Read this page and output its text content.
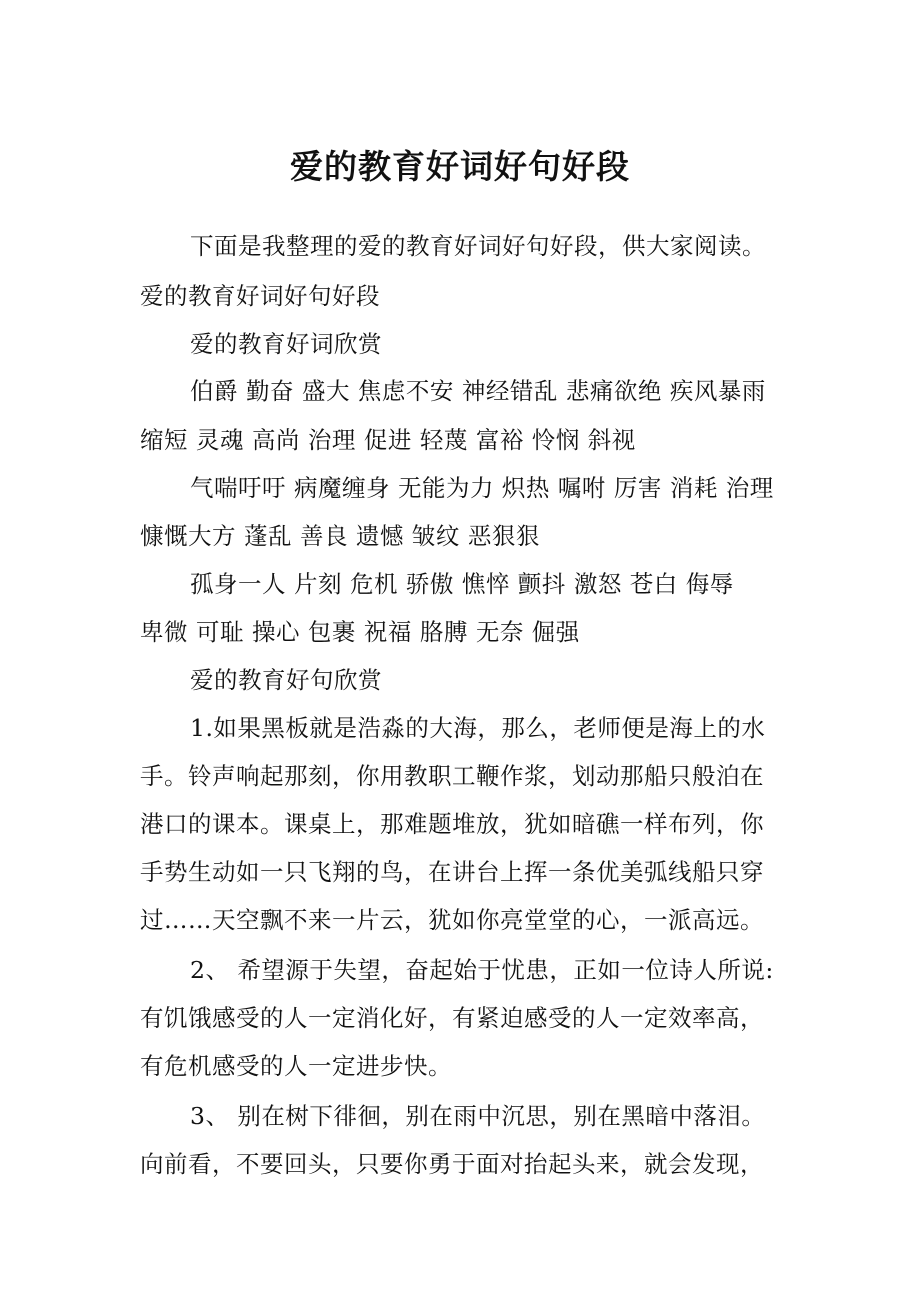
爱的教育好词好句好段
下面是我整理的爱的教育好词好句好段，供大家阅读。
爱的教育好词好句好段
爱的教育好词欣赏
伯爵 勤奋 盛大 焦虑不安 神经错乱 悲痛欲绝 疾风暴雨
缩短 灵魂 高尚 治理 促进 轻蔑 富裕 怜悯 斜视
气喘吁吁 病魔缠身 无能为力 炽热 嘱咐 厉害 消耗 治理
慷慨大方 蓬乱 善良 遗憾 皱纹 恶狠狠
孤身一人 片刻 危机 骄傲 憔悴 颤抖 激怒 苍白 侮辱
卑微 可耻 操心 包裹 祝福 胳膊 无奈 倔强
爱的教育好句欣赏
1.如果黑板就是浩淼的大海，那么，老师便是海上的水
手。铃声响起那刻，你用教职工鞭作浆，划动那船只般泊在
港口的课本。课桌上，那难题堆放，犹如暗礁一样布列，你
手势生动如一只飞翔的鸟，在讲台上挥一条优美弧线船只穿
过……天空飘不来一片云，犹如你亮堂堂的心，一派高远。
2、 希望源于失望，奋起始于忧患，正如一位诗人所说:
有饥饿感受的人一定消化好，有紧迫感受的人一定效率高，
有危机感受的人一定进步快。
3、 别在树下徘徊，别在雨中沉思，别在黑暗中落泪。
向前看，不要回头，只要你勇于面对抬起头来，就会发现，
